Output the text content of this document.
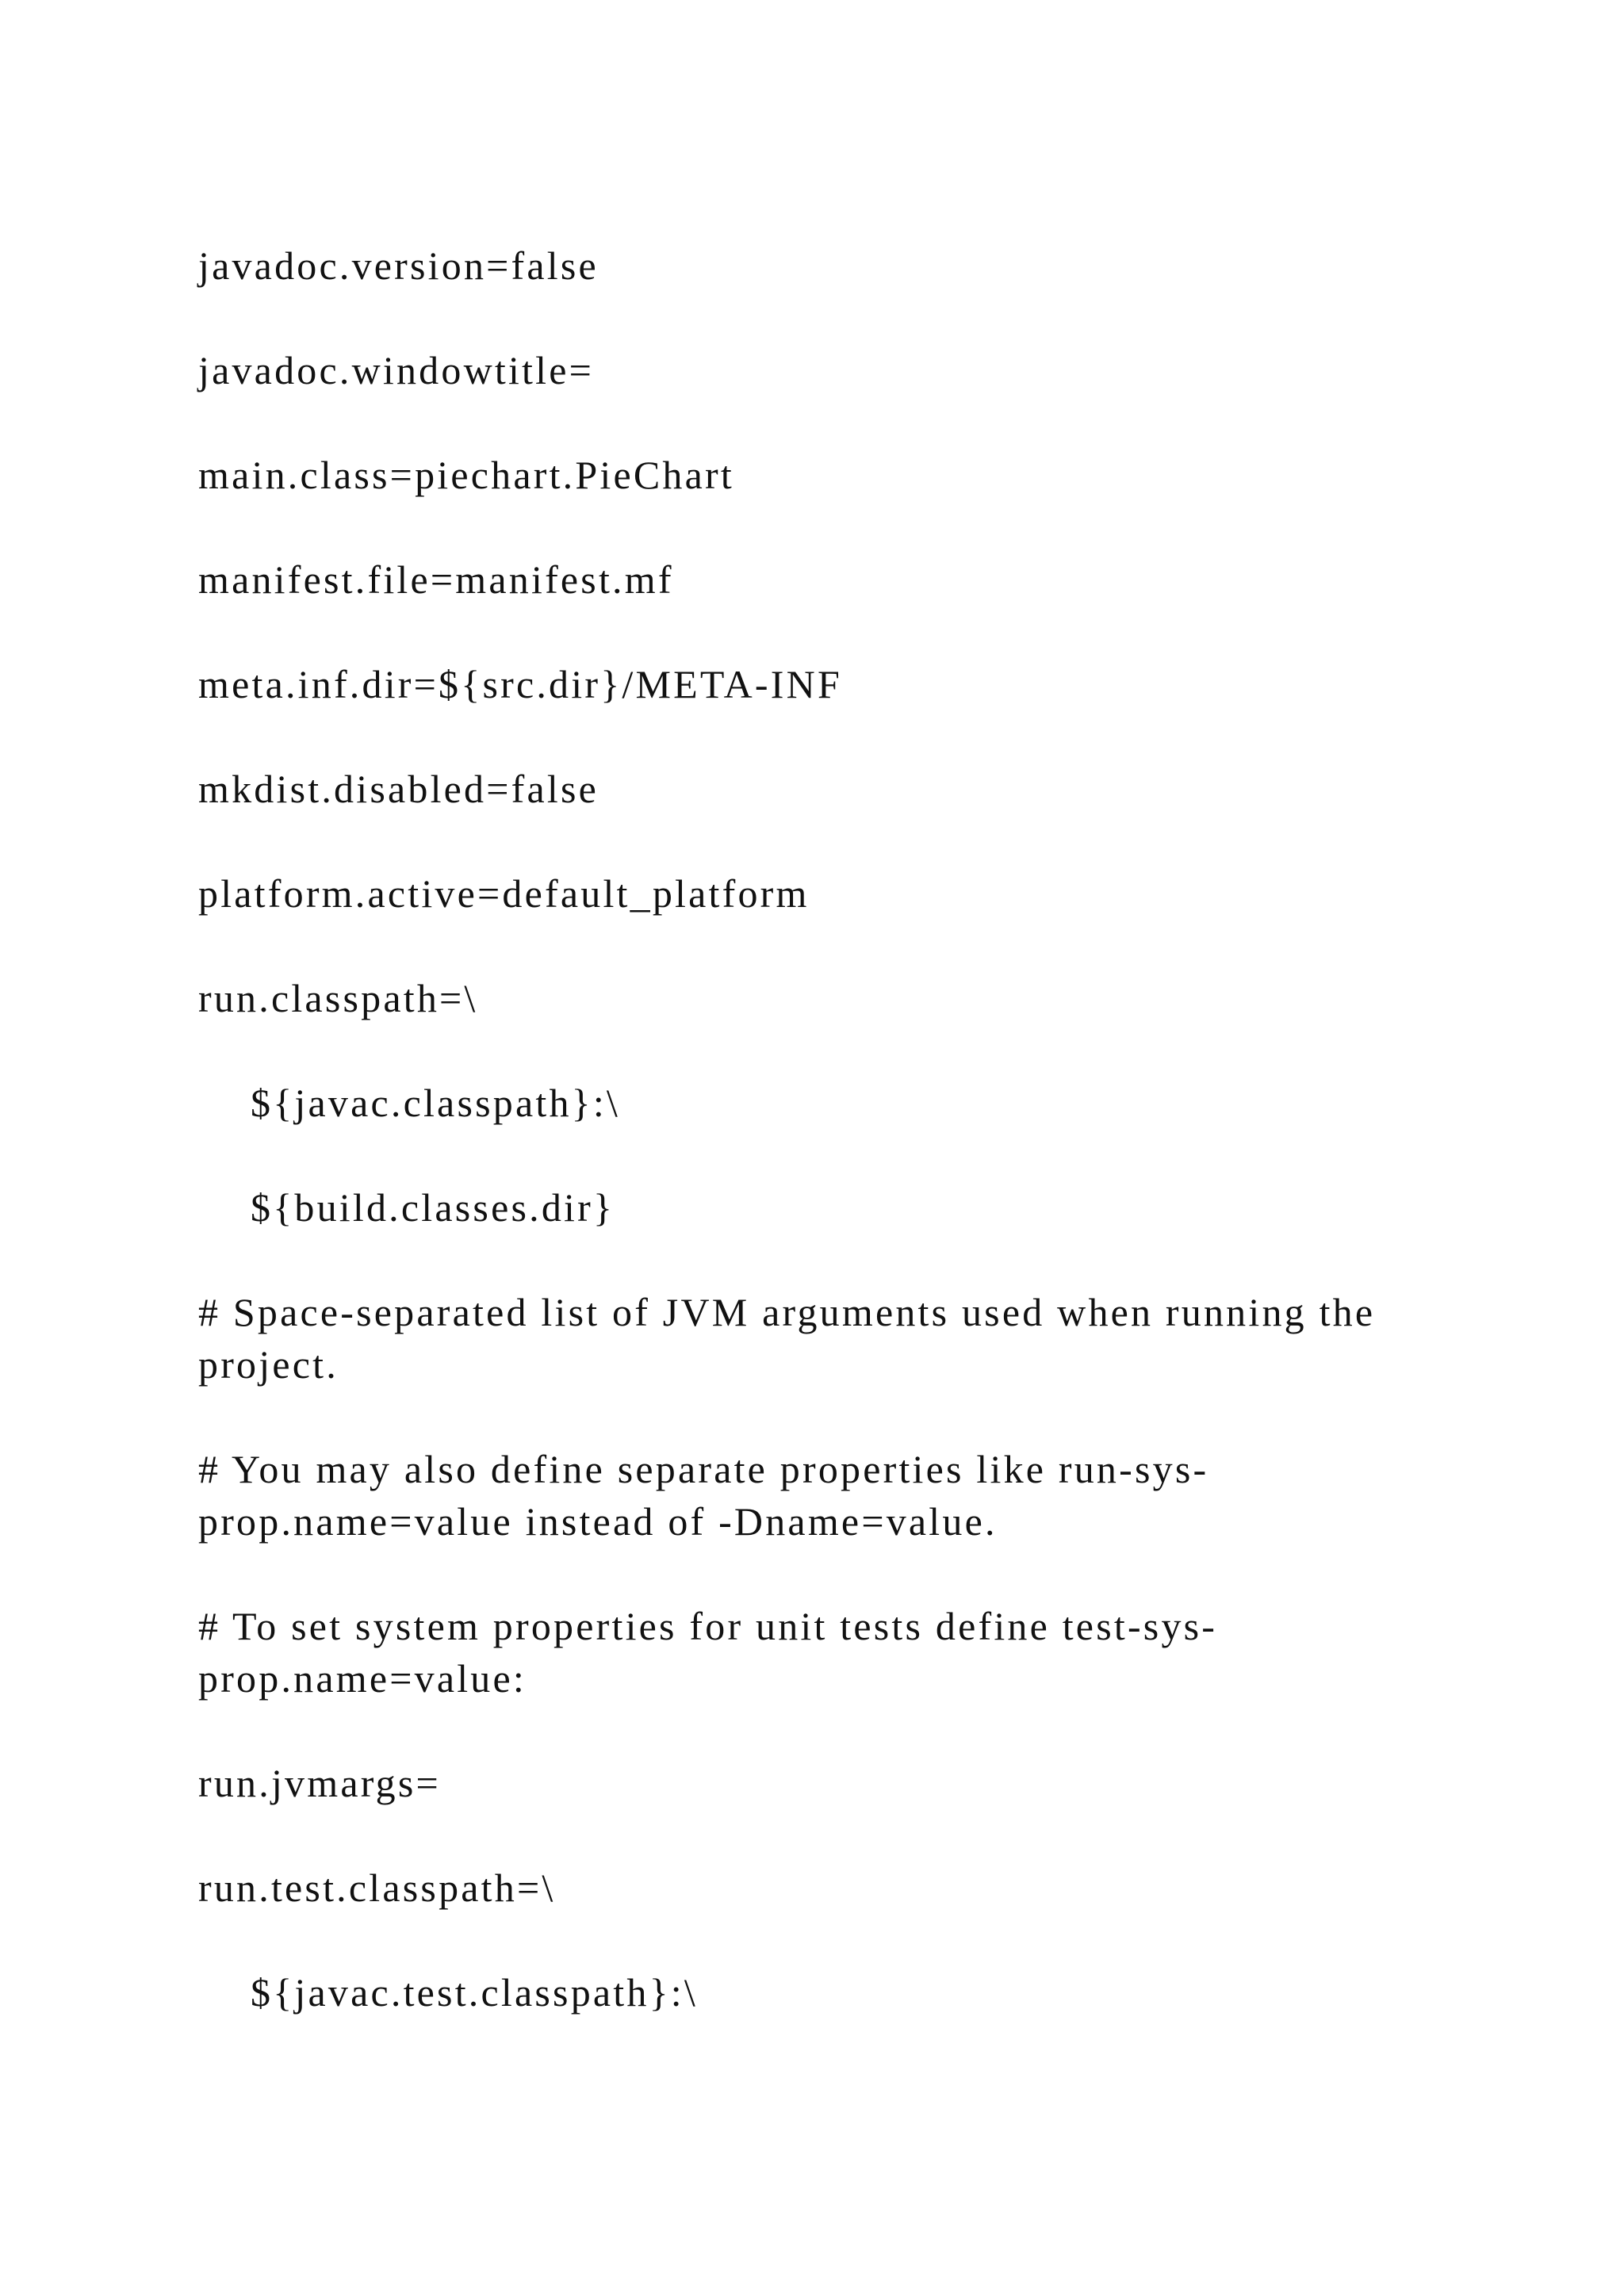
javadoc.version=false

javadoc.windowtitle=

main.class=piechart.PieChart

manifest.file=manifest.mf

meta.inf.dir=${src.dir}/META-INF

mkdist.disabled=false

platform.active=default_platform

run.classpath=\

${javac.classpath}:\

${build.classes.dir}

# Space-separated list of JVM arguments used when running the project.

# You may also define separate properties like run-sys-prop.name=value instead of -Dname=value.

# To set system properties for unit tests define test-sys-prop.name=value:

run.jvmargs=

run.test.classpath=\

${javac.test.classpath}:\
